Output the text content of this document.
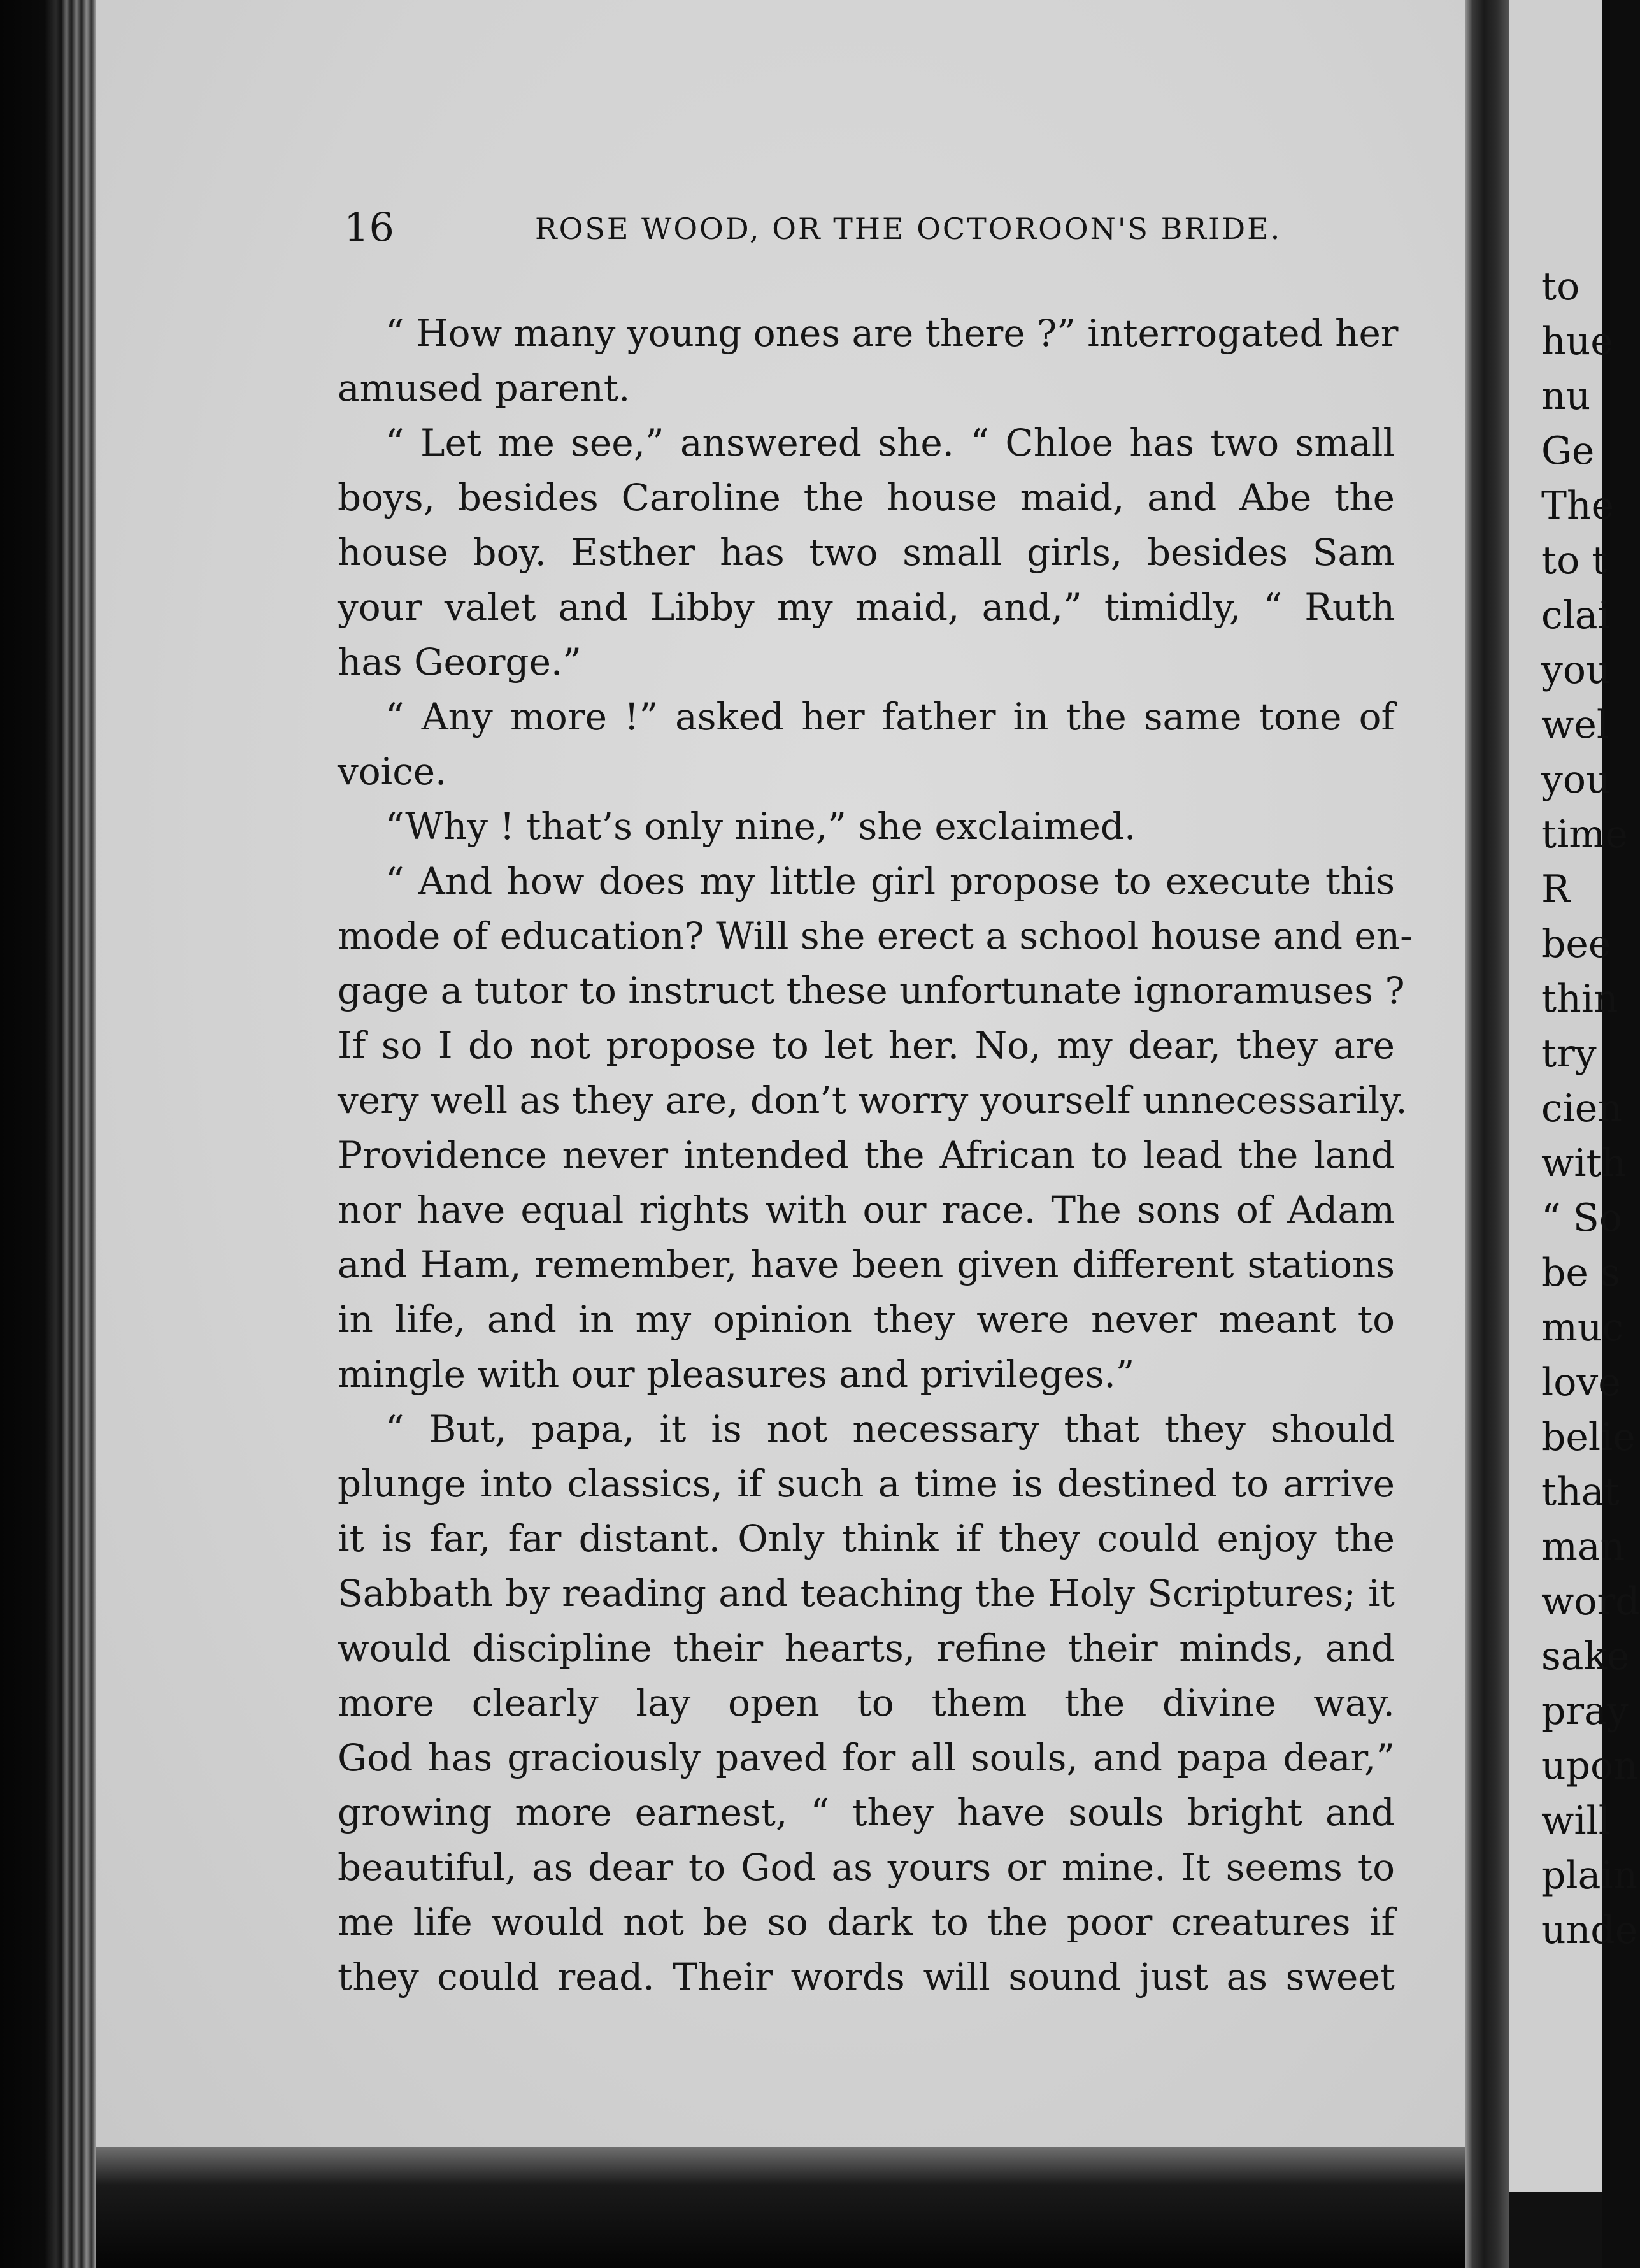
16	ROSE WOOD, OR THE OCTOROON'S BRIDE.

“ How many young ones are there ?” interrogated her

amused parent.

“ Let me see,” answered she. “ Chloe has two small

boys, besides Caroline the house maid, and Abe the

house boy. Esther has two small girls, besides Sam

your valet and Libby my maid, and,” timidly, “ Ruth

has George.”

“ Any more !” asked her father in the same tone of

voice.

“Why ! that’s only nine,” she exclaimed.

“ And how does my little girl propose to execute this

mode of education? Will she erect a school house and en-

gage a tutor to instruct these unfortunate ignoramuses ?

If so I do not propose to let her. No, my dear, they are

very well as they are, don’t worry yourself unnecessarily.

Providence never intended the African to lead the land

nor have equal rights with our race. The sons of Adam

and Ham, remember, have been given different stations

in life, and in my opinion they were never meant to

mingle with our pleasures and privileges.”

“ But, papa, it is not necessary that they should

plunge into classics, if such a time is destined to arrive

it is far, far distant. Only think if they could enjoy the

Sabbath by reading and teaching the Holy Scriptures; it

would discipline their hearts, refine their minds, and

more clearly lay open to them the divine way.

God has graciously paved for all souls, and papa dear,”

growing more earnest, “ they have souls bright and

beautiful, as dear to God as yours or mine. It seems to

me life would not be so dark to the poor creatures if

they could read. Their words will sound just as sweet

to
hue
nu
Ge
The
to t
clai
you
wel
you
time
R
bee
thin
try
cien
with
“ So
be s
muc
love
belie
that
man
word
sake
pray
upon
will
plain
unde
